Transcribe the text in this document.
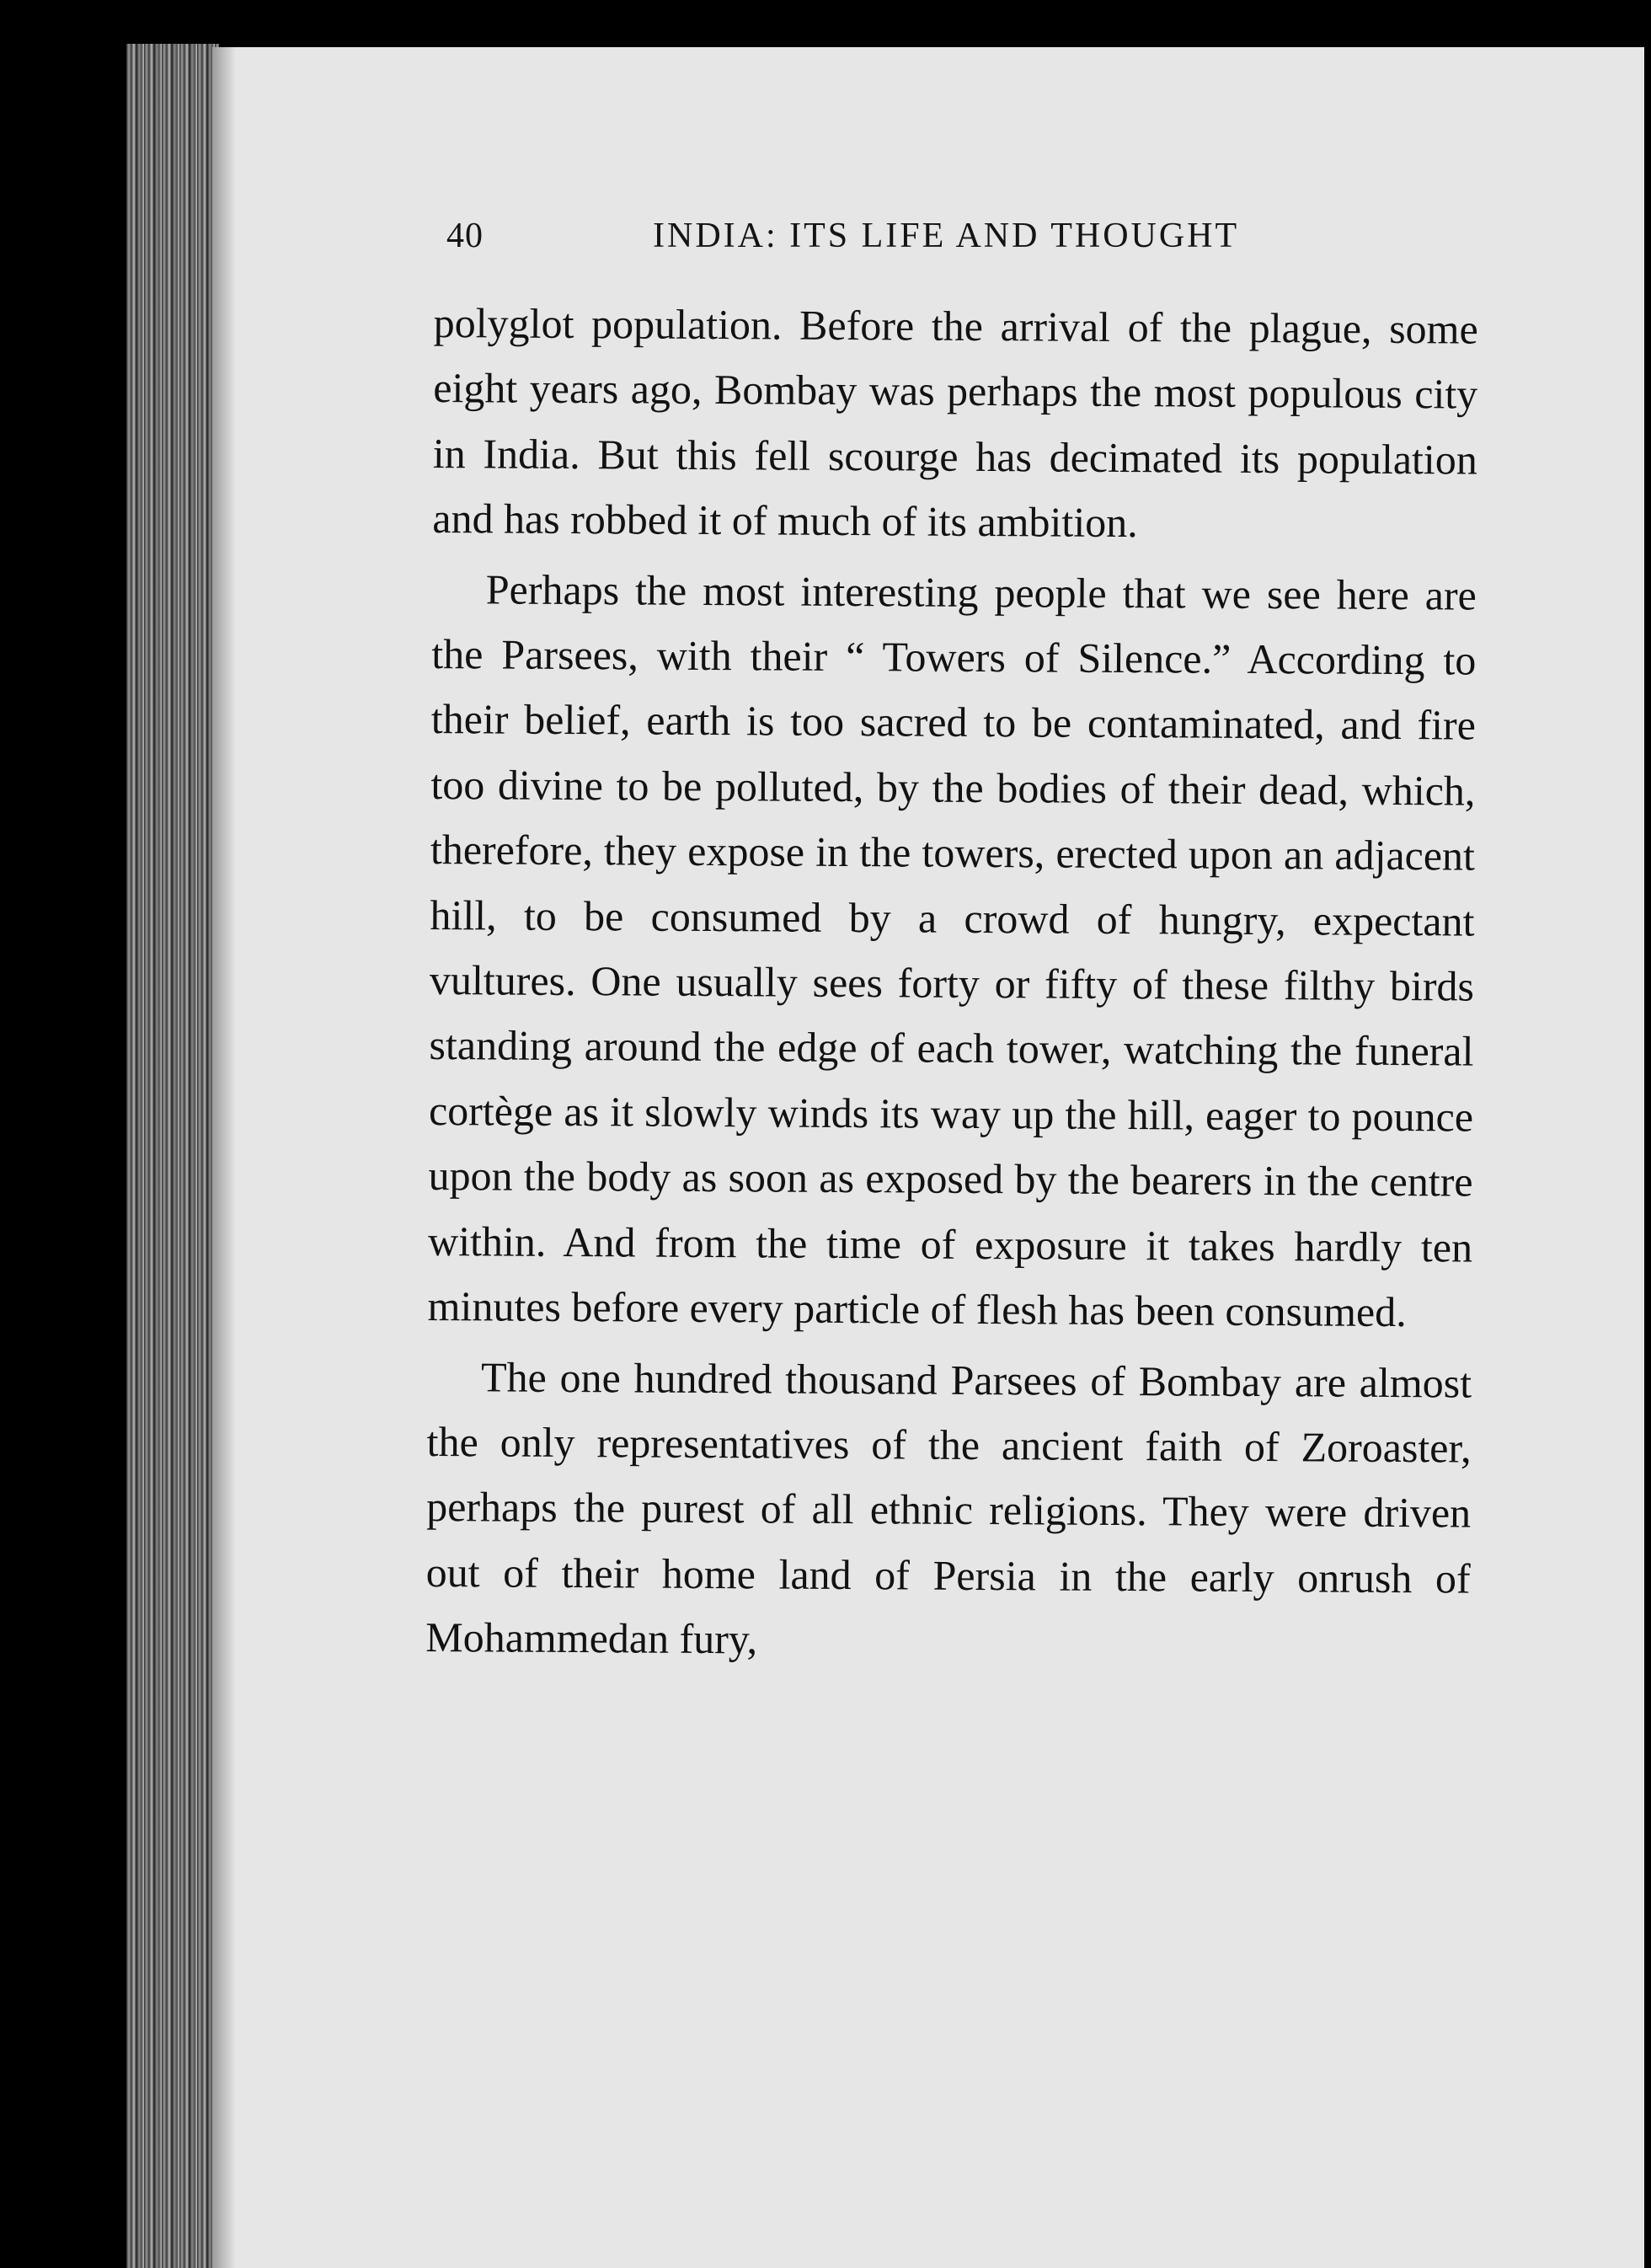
40	INDIA: ITS LIFE AND THOUGHT

polyglot population. Before the arrival of the plague, some eight years ago, Bombay was perhaps the most populous city in India. But this fell scourge has decimated its population and has robbed it of much of its ambition.

Perhaps the most interesting people that we see here are the Parsees, with their “ Towers of Silence.” According to their belief, earth is too sacred to be contaminated, and fire too divine to be polluted, by the bodies of their dead, which, therefore, they expose in the towers, erected upon an adjacent hill, to be consumed by a crowd of hungry, expectant vultures. One usually sees forty or fifty of these filthy birds standing around the edge of each tower, watching the funeral cortège as it slowly winds its way up the hill, eager to pounce upon the body as soon as exposed by the bearers in the centre within. And from the time of exposure it takes hardly ten minutes before every particle of flesh has been consumed.

The one hundred thousand Parsees of Bombay are almost the only representatives of the ancient faith of Zoroaster, perhaps the purest of all ethnic religions. They were driven out of their home land of Persia in the early onrush of Mohammedan fury,
